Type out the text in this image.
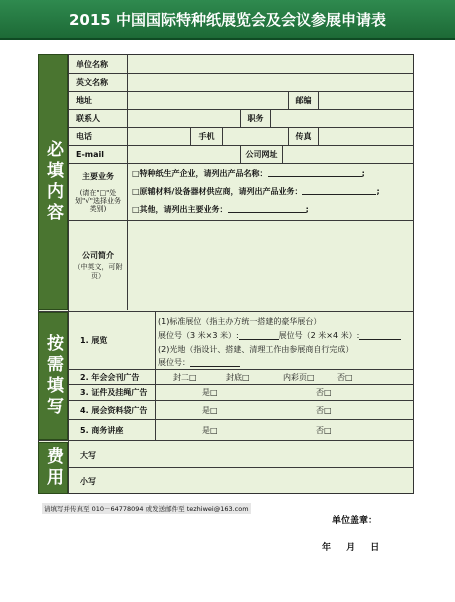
2015 中国国际特种纸展览会及会议参展申请表
必填内容
按需填写
费用
单位名称
英文名称
地址	邮编
联系人	职务
电话	手机	传真
E-mail	公司网址
主要业务
(请在"□"处划"√"选择业务类别)
□特种纸生产企业，请列出产品名称：	;
□原辅材料/设备器材供应商，请列出产品业务：	;
□其他，请列出主要业务：	;
公司简介
（中英文，可附页）
1. 展览
(1)标准展位（指主办方统一搭建的豪华展台）
展位号（3 米×3 米）:	展位号（2 米×4 米）:
(2)光地（指设计、搭建、清理工作由参展商自行完成）
展位号：
2. 年会会刊广告	封二□	封底□	内彩页□	否□
3. 证件及挂绳广告	是□	否□
4. 展会资料袋广告	是□	否□
5. 商务讲座	是□	否□
大写
小写
请填写并传真至 010－64778094 或发送邮件至 tezhiwei@163.com
单位盖章：
年 月 日
